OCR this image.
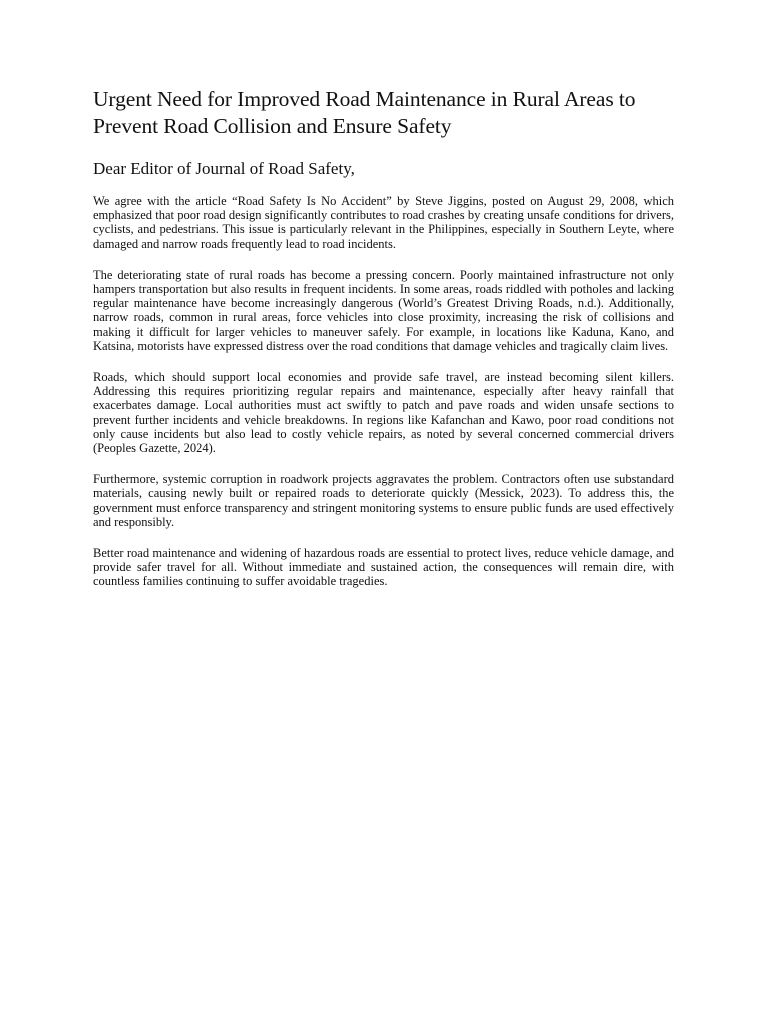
Urgent Need for Improved Road Maintenance in Rural Areas to Prevent Road Collision and Ensure Safety

Dear Editor of Journal of Road Safety,

We agree with the article “Road Safety Is No Accident” by Steve Jiggins, posted on August 29, 2008, which emphasized that poor road design significantly contributes to road crashes by creating unsafe conditions for drivers, cyclists, and pedestrians. This issue is particularly relevant in the Philippines, especially in Southern Leyte, where damaged and narrow roads frequently lead to road incidents.

The deteriorating state of rural roads has become a pressing concern. Poorly maintained infrastructure not only hampers transportation but also results in frequent incidents. In some areas, roads riddled with potholes and lacking regular maintenance have become increasingly dangerous (World’s Greatest Driving Roads, n.d.). Additionally, narrow roads, common in rural areas, force vehicles into close proximity, increasing the risk of collisions and making it difficult for larger vehicles to maneuver safely. For example, in locations like Kaduna, Kano, and Katsina, motorists have expressed distress over the road conditions that damage vehicles and tragically claim lives.

Roads, which should support local economies and provide safe travel, are instead becoming silent killers. Addressing this requires prioritizing regular repairs and maintenance, especially after heavy rainfall that exacerbates damage. Local authorities must act swiftly to patch and pave roads and widen unsafe sections to prevent further incidents and vehicle breakdowns. In regions like Kafanchan and Kawo, poor road conditions not only cause incidents but also lead to costly vehicle repairs, as noted by several concerned commercial drivers (Peoples Gazette, 2024).

Furthermore, systemic corruption in roadwork projects aggravates the problem. Contractors often use substandard materials, causing newly built or repaired roads to deteriorate quickly (Messick, 2023). To address this, the government must enforce transparency and stringent monitoring systems to ensure public funds are used effectively and responsibly.

Better road maintenance and widening of hazardous roads are essential to protect lives, reduce vehicle damage, and provide safer travel for all. Without immediate and sustained action, the consequences will remain dire, with countless families continuing to suffer avoidable tragedies.
